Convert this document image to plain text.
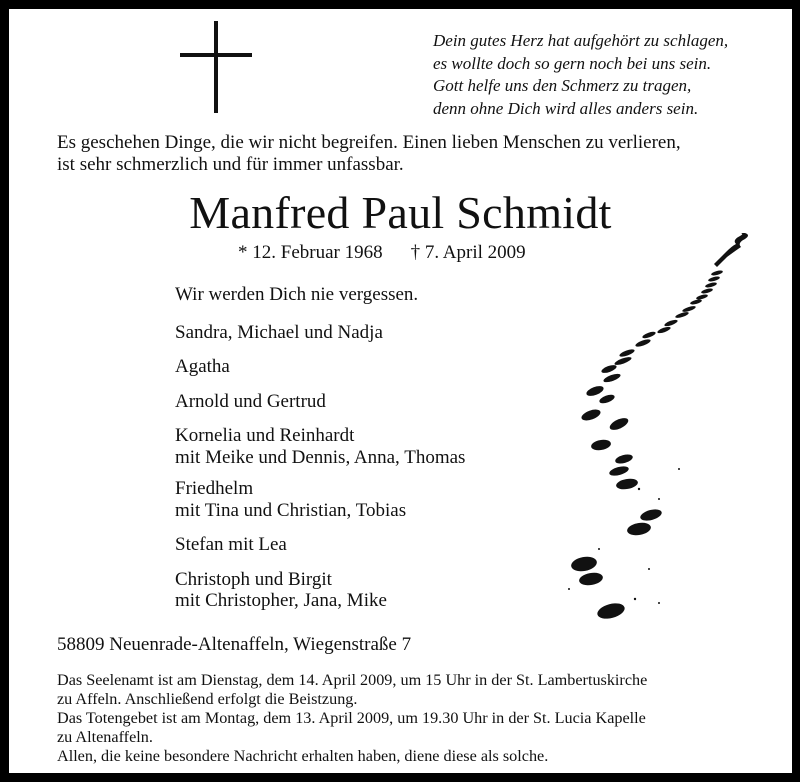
Dein gutes Herz hat aufgehört zu schlagen,
es wollte doch so gern noch bei uns sein.
Gott helfe uns den Schmerz zu tragen,
denn ohne Dich wird alles anders sein.
Es geschehen Dinge, die wir nicht begreifen. Einen lieben Menschen zu verlieren,
ist sehr schmerzlich und für immer unfassbar.
Manfred Paul Schmidt
* 12. Februar 1968 † 7. April 2009
Wir werden Dich nie vergessen.
Sandra, Michael und Nadja
Agatha
Arnold und Gertrud
Kornelia und Reinhardt
mit Meike und Dennis, Anna, Thomas
Friedhelm
mit Tina und Christian, Tobias
Stefan mit Lea
Christoph und Birgit
mit Christopher, Jana, Mike
58809 Neuenrade-Altenaffeln, Wiegenstraße 7
Das Seelenamt ist am Dienstag, dem 14. April 2009, um 15 Uhr in der St. Lambertuskirche
zu Affeln. Anschließend erfolgt die Beistzung.
Das Totengebet ist am Montag, dem 13. April 2009, um 19.30 Uhr in der St. Lucia Kapelle
zu Altenaffeln.
Allen, die keine besondere Nachricht erhalten haben, diene diese als solche.
